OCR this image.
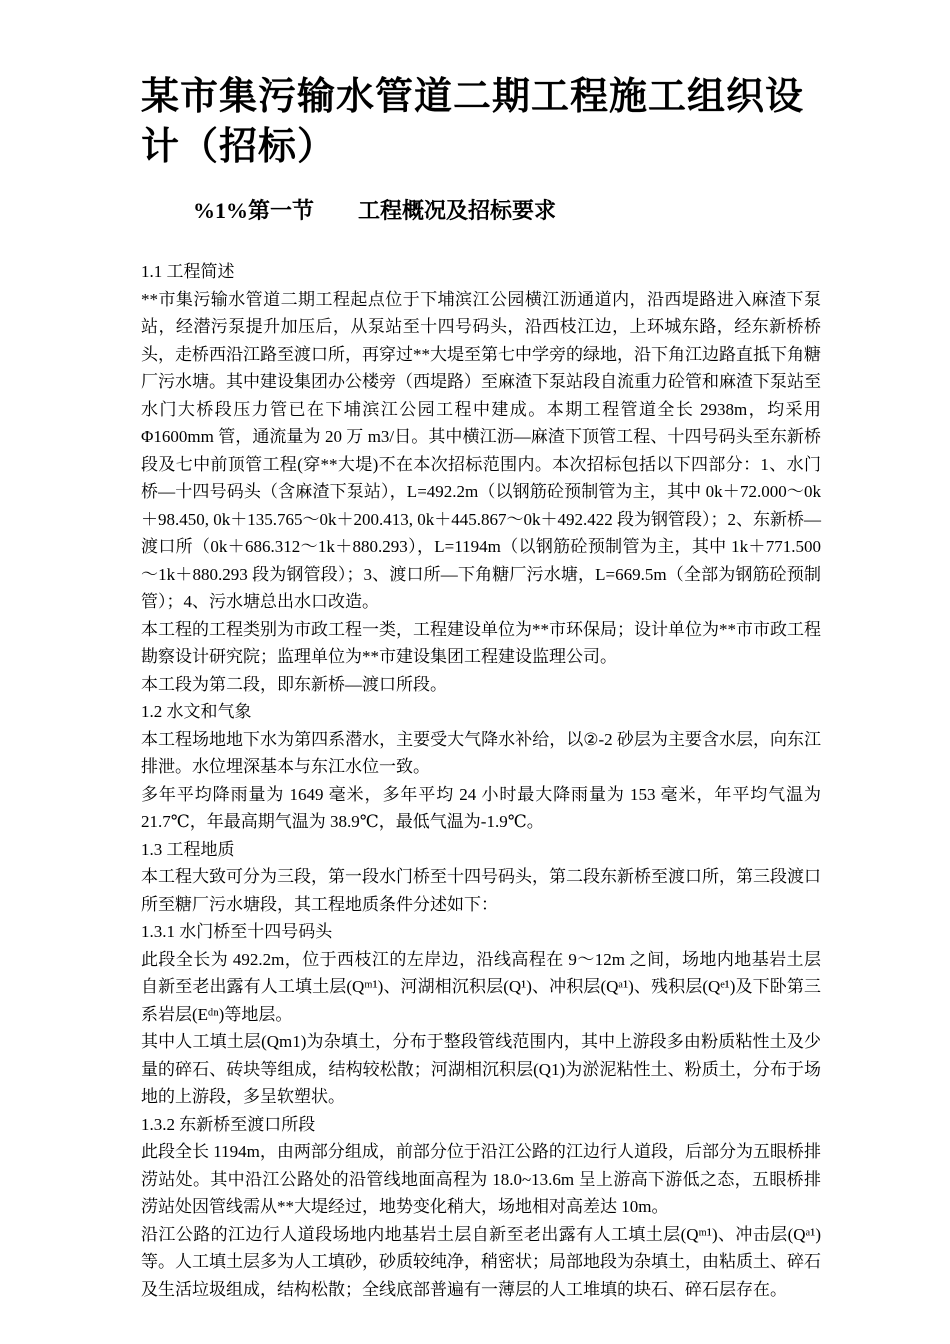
某市集污输水管道二期工程施工组织设计（招标）
%1%第一节 工程概况及招标要求

1.1 工程简述

**市集污输水管道二期工程起点位于下埔滨江公园横江沥通道内，沿西堤路进入麻渣下泵站，经潜污泵提升加压后，从泵站至十四号码头，沿西枝江边，上环城东路，经东新桥桥头，走桥西沿江路至渡口所，再穿过**大堤至第七中学旁的绿地，沿下角江边路直抵下角糖厂污水塘。其中建设集团办公楼旁（西堤路）至麻渣下泵站段自流重力砼管和麻渣下泵站至水门大桥段压力管已在下埔滨江公园工程中建成。本期工程管道全长 2938m，均采用 Φ1600mm 管，通流量为 20 万 m3/日。其中横江沥—麻渣下顶管工程、十四号码头至东新桥段及七中前顶管工程(穿**大堤)不在本次招标范围内。本次招标包括以下四部分：1、水门桥—十四号码头（含麻渣下泵站），L=492.2m（以钢筋砼预制管为主，其中 0k＋72.000～0k＋98.450, 0k＋135.765～0k＋200.413, 0k＋445.867～0k＋492.422 段为钢管段）；2、东新桥—渡口所（0k＋686.312～1k＋880.293），L=1194m（以钢筋砼预制管为主，其中 1k＋771.500～1k＋880.293 段为钢管段）；3、渡口所—下角糖厂污水塘，L=669.5m（全部为钢筋砼预制管）；4、污水塘总出水口改造。

本工程的工程类别为市政工程一类，工程建设单位为**市环保局；设计单位为**市市政工程勘察设计研究院；监理单位为**市建设集团工程建设监理公司。

本工段为第二段，即东新桥—渡口所段。

1.2 水文和气象

本工程场地地下水为第四系潜水，主要受大气降水补给，以②-2 砂层为主要含水层，向东江排泄。水位埋深基本与东江水位一致。

多年平均降雨量为 1649 毫米，多年平均 24 小时最大降雨量为 153 毫米，年平均气温为 21.7℃，年最高期气温为 38.9℃，最低气温为-1.9℃。

1.3 工程地质

本工程大致可分为三段，第一段水门桥至十四号码头，第二段东新桥至渡口所，第三段渡口所至糖厂污水塘段，其工程地质条件分述如下：

1.3.1 水门桥至十四号码头

此段全长为 492.2m，位于西枝江的左岸边，沿线高程在 9～12m 之间，场地内地基岩土层自新至老出露有人工填土层(Qᵐ¹)、河湖相沉积层(Q¹)、冲积层(Qᵃ¹)、残积层(Qᵉ¹)及下卧第三系岩层(Eᵈⁿ)等地层。

其中人工填土层(Qm1)为杂填土，分布于整段管线范围内，其中上游段多由粉质粘性土及少量的碎石、砖块等组成，结构较松散；河湖相沉积层(Q1)为淤泥粘性土、粉质土，分布于场地的上游段，多呈软塑状。

1.3.2 东新桥至渡口所段

此段全长 1194m，由两部分组成，前部分位于沿江公路的江边行人道段，后部分为五眼桥排涝站处。其中沿江公路处的沿管线地面高程为 18.0~13.6m 呈上游高下游低之态，五眼桥排涝站处因管线需从**大堤经过，地势变化稍大，场地相对高差达 10m。

沿江公路的江边行人道段场地内地基岩土层自新至老出露有人工填土层(Qᵐ¹)、冲击层(Qᵃ¹)等。人工填土层多为人工填砂，砂质较纯净，稍密状；局部地段为杂填土，由粘质土、碎石及生活垃圾组成，结构松散；全线底部普遍有一薄层的人工堆填的块石、碎石层存在。
